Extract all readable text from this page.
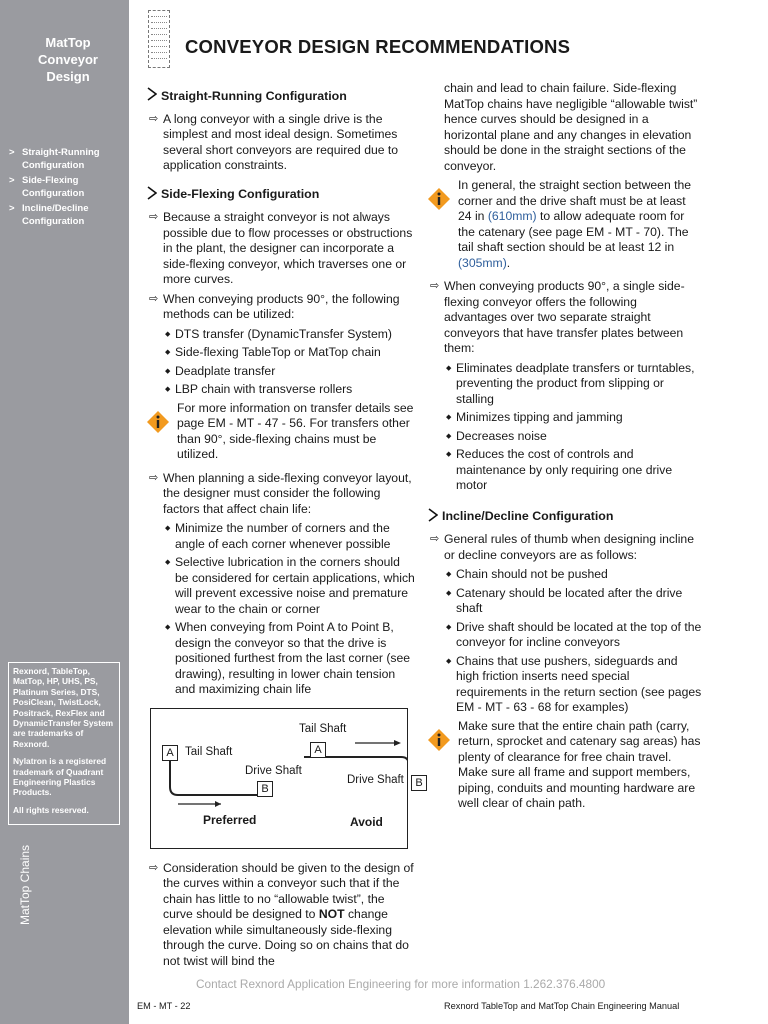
MatTop
Conveyor
Design
> Straight-Running Configuration
> Side-Flexing Configuration
> Incline/Decline Configuration

Rexnord, TableTop, MatTop, HP, UHS, PS, Platinum Series, DTS, PosiClean, TwistLock, Positrack, RexFlex and DynamicTransfer System are trademarks of Rexnord.

Nylatron is a registered trademark of Quadrant Engineering Plastics Products.

All rights reserved.

MatTop Chains
CONVEYOR DESIGN RECOMMENDATIONS
Straight-Running Configuration
⇨ A long conveyor with a single drive is the simplest and most ideal design. Sometimes several short conveyors are required due to application constraints.
Side-Flexing Configuration
⇨ Because a straight conveyor is not always possible due to flow processes or obstructions in the plant, the designer can incorporate a side-flexing conveyor, which traverses one or more curves.
⇨ When conveying products 90°, the following methods can be utilized:
◆ DTS transfer (DynamicTransfer System)
◆ Side-flexing TableTop or MatTop chain
◆ Deadplate transfer
◆ LBP chain with transverse rollers
For more information on transfer details see page EM - MT - 47 - 56. For transfers other than 90°, side-flexing chains must be utilized.
⇨ When planning a side-flexing conveyor layout, the designer must consider the following factors that affect chain life:
◆ Minimize the number of corners and the angle of each corner whenever possible
◆ Selective lubrication in the corners should be considered for certain applications, which will prevent excessive noise and premature wear to the chain or corner
◆ When conveying from Point A to Point B, design the conveyor so that the drive is positioned furthest from the last corner (see drawing), resulting in lower chain tension and maximizing chain life
A Tail Shaft
Drive Shaft
B
Preferred
Tail Shaft
A
Drive Shaft	B
Avoid
⇨ Consideration should be given to the design of the curves within a conveyor such that if the chain has little to no “allowable twist”, the curve should be designed to NOT change elevation while simultaneously side-flexing through the curve. Doing so on chains that do not twist will bind the
chain and lead to chain failure. Side-flexing MatTop chains have negligible “allowable twist” hence curves should be designed in a horizontal plane and any changes in elevation should be done in the straight sections of the conveyor.
In general, the straight section between the corner and the drive shaft must be at least 24 in (610mm) to allow adequate room for the catenary (see page EM - MT - 70). The tail shaft section should be at least 12 in (305mm).
⇨ When conveying products 90°, a single side-flexing conveyor offers the following advantages over two separate straight conveyors that have transfer plates between them:
◆ Eliminates deadplate transfers or turntables, preventing the product from slipping or stalling
◆ Minimizes tipping and jamming
◆ Decreases noise
◆ Reduces the cost of controls and maintenance by only requiring one drive motor
Incline/Decline Configuration
⇨ General rules of thumb when designing incline or decline conveyors are as follows:
◆ Chain should not be pushed
◆ Catenary should be located after the drive shaft
◆ Drive shaft should be located at the top of the conveyor for incline conveyors
◆ Chains that use pushers, sideguards and high friction inserts need special requirements in the return section (see pages EM - MT - 63 - 68 for examples)
Make sure that the entire chain path (carry, return, sprocket and catenary sag areas) has plenty of clearance for free chain travel. Make sure all frame and support members, piping, conduits and mounting hardware are well clear of chain path.
Contact Rexnord Application Engineering for more information 1.262.376.4800
EM - MT - 22	Rexnord TableTop and MatTop Chain Engineering Manual
